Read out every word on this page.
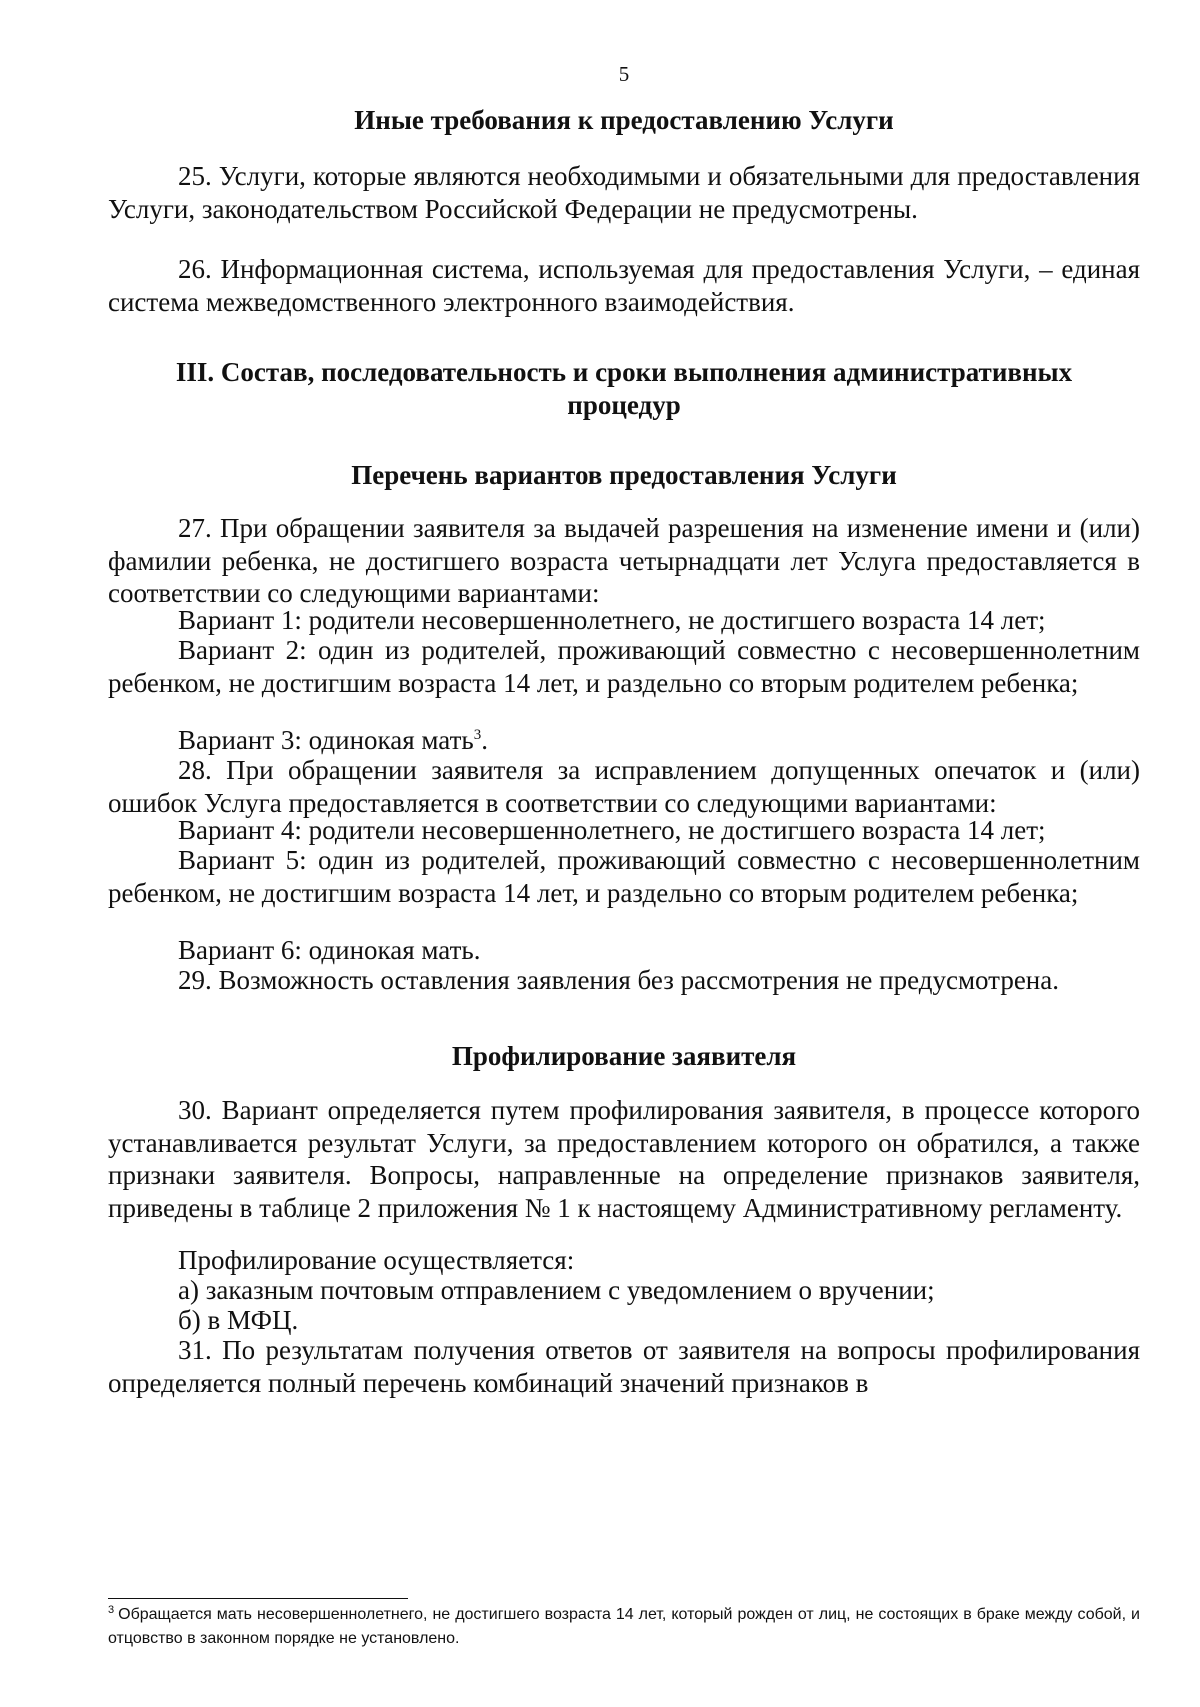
5
Иные требования к предоставлению Услуги

25. Услуги, которые являются необходимыми и обязательными для предоставления Услуги, законодательством Российской Федерации не предусмотрены.

26. Информационная система, используемая для предоставления Услуги, – единая система межведомственного электронного взаимодействия.

III. Состав, последовательность и сроки выполнения административных
процедур
Перечень вариантов предоставления Услуги

27. При обращении заявителя за выдачей разрешения на изменение имени и (или) фамилии ребенка, не достигшего возраста четырнадцати лет Услуга предоставляется в соответствии со следующими вариантами:

Вариант 1: родители несовершеннолетнего, не достигшего возраста 14 лет;

Вариант 2: один из родителей, проживающий совместно с несовершеннолетним ребенком, не достигшим возраста 14 лет, и раздельно со вторым родителем ребенка;

Вариант 3: одинокая мать$^3$.

28. При обращении заявителя за исправлением допущенных опечаток и (или) ошибок Услуга предоставляется в соответствии со следующими вариантами:

Вариант 4: родители несовершеннолетнего, не достигшего возраста 14 лет;

Вариант 5: один из родителей, проживающий совместно с несовершеннолетним ребенком, не достигшим возраста 14 лет, и раздельно со вторым родителем ребенка;

Вариант 6: одинокая мать.

29. Возможность оставления заявления без рассмотрения не предусмотрена.

Профилирование заявителя

30. Вариант определяется путем профилирования заявителя, в процессе которого устанавливается результат Услуги, за предоставлением которого он обратился, а также признаки заявителя. Вопросы, направленные на определение признаков заявителя, приведены в таблице 2 приложения № 1 к настоящему Административному регламенту.

Профилирование осуществляется:

а) заказным почтовым отправлением с уведомлением о вручении;

б) в МФЦ.

31. По результатам получения ответов от заявителя на вопросы профилирования определяется полный перечень комбинаций значений признаков в

$^3$ Обращается мать несовершеннолетнего, не достигшего возраста 14 лет, который рожден от лиц, не состоящих в браке между собой, и отцовство в законном порядке не установлено.
